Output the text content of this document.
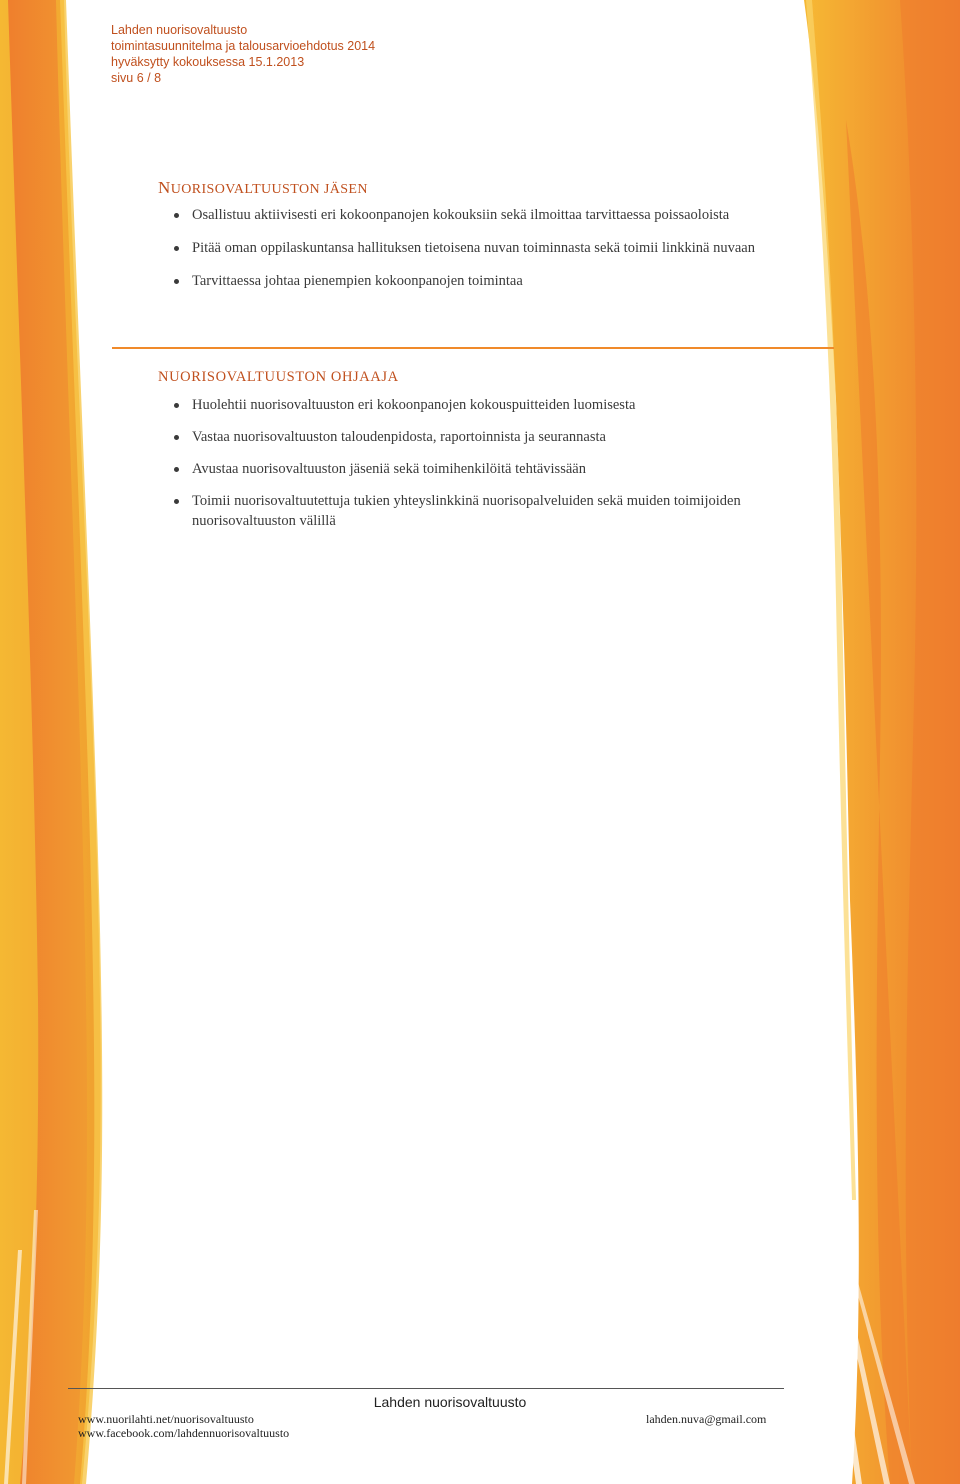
Lahden nuorisovaltuusto
toimintasuunnitelma ja talousarvioehdotus 2014
hyväksytty kokouksessa 15.1.2013
sivu 6 / 8
NUORISOVALTUUSTON JÄSEN
Osallistuu aktiivisesti eri kokoonpanojen kokouksiin sekä ilmoittaa tarvittaessa poissaoloista
Pitää oman oppilaskuntansa hallituksen tietoisena nuvan toiminnasta sekä toimii linkkinä nuvaan
Tarvittaessa johtaa pienempien kokoonpanojen toimintaa
NUORISOVALTUUSTON OHJAAJA
Huolehtii nuorisovaltuuston eri kokoonpanojen kokouspuitteiden luomisesta
Vastaa nuorisovaltuuston taloudenpidosta, raportoinnista ja seurannasta
Avustaa nuorisovaltuuston jäseniä sekä toimihenkilöitä tehtävissään
Toimii nuorisovaltuutettuja tukien yhteyslinkkinä nuorisopalveluiden sekä muiden toimijoiden nuorisovaltuuston välillä
Lahden nuorisovaltuusto
www.nuorilahti.net/nuorisovaltuusto
www.facebook.com/lahdennuorisovaltuusto
lahden.nuva@gmail.com
